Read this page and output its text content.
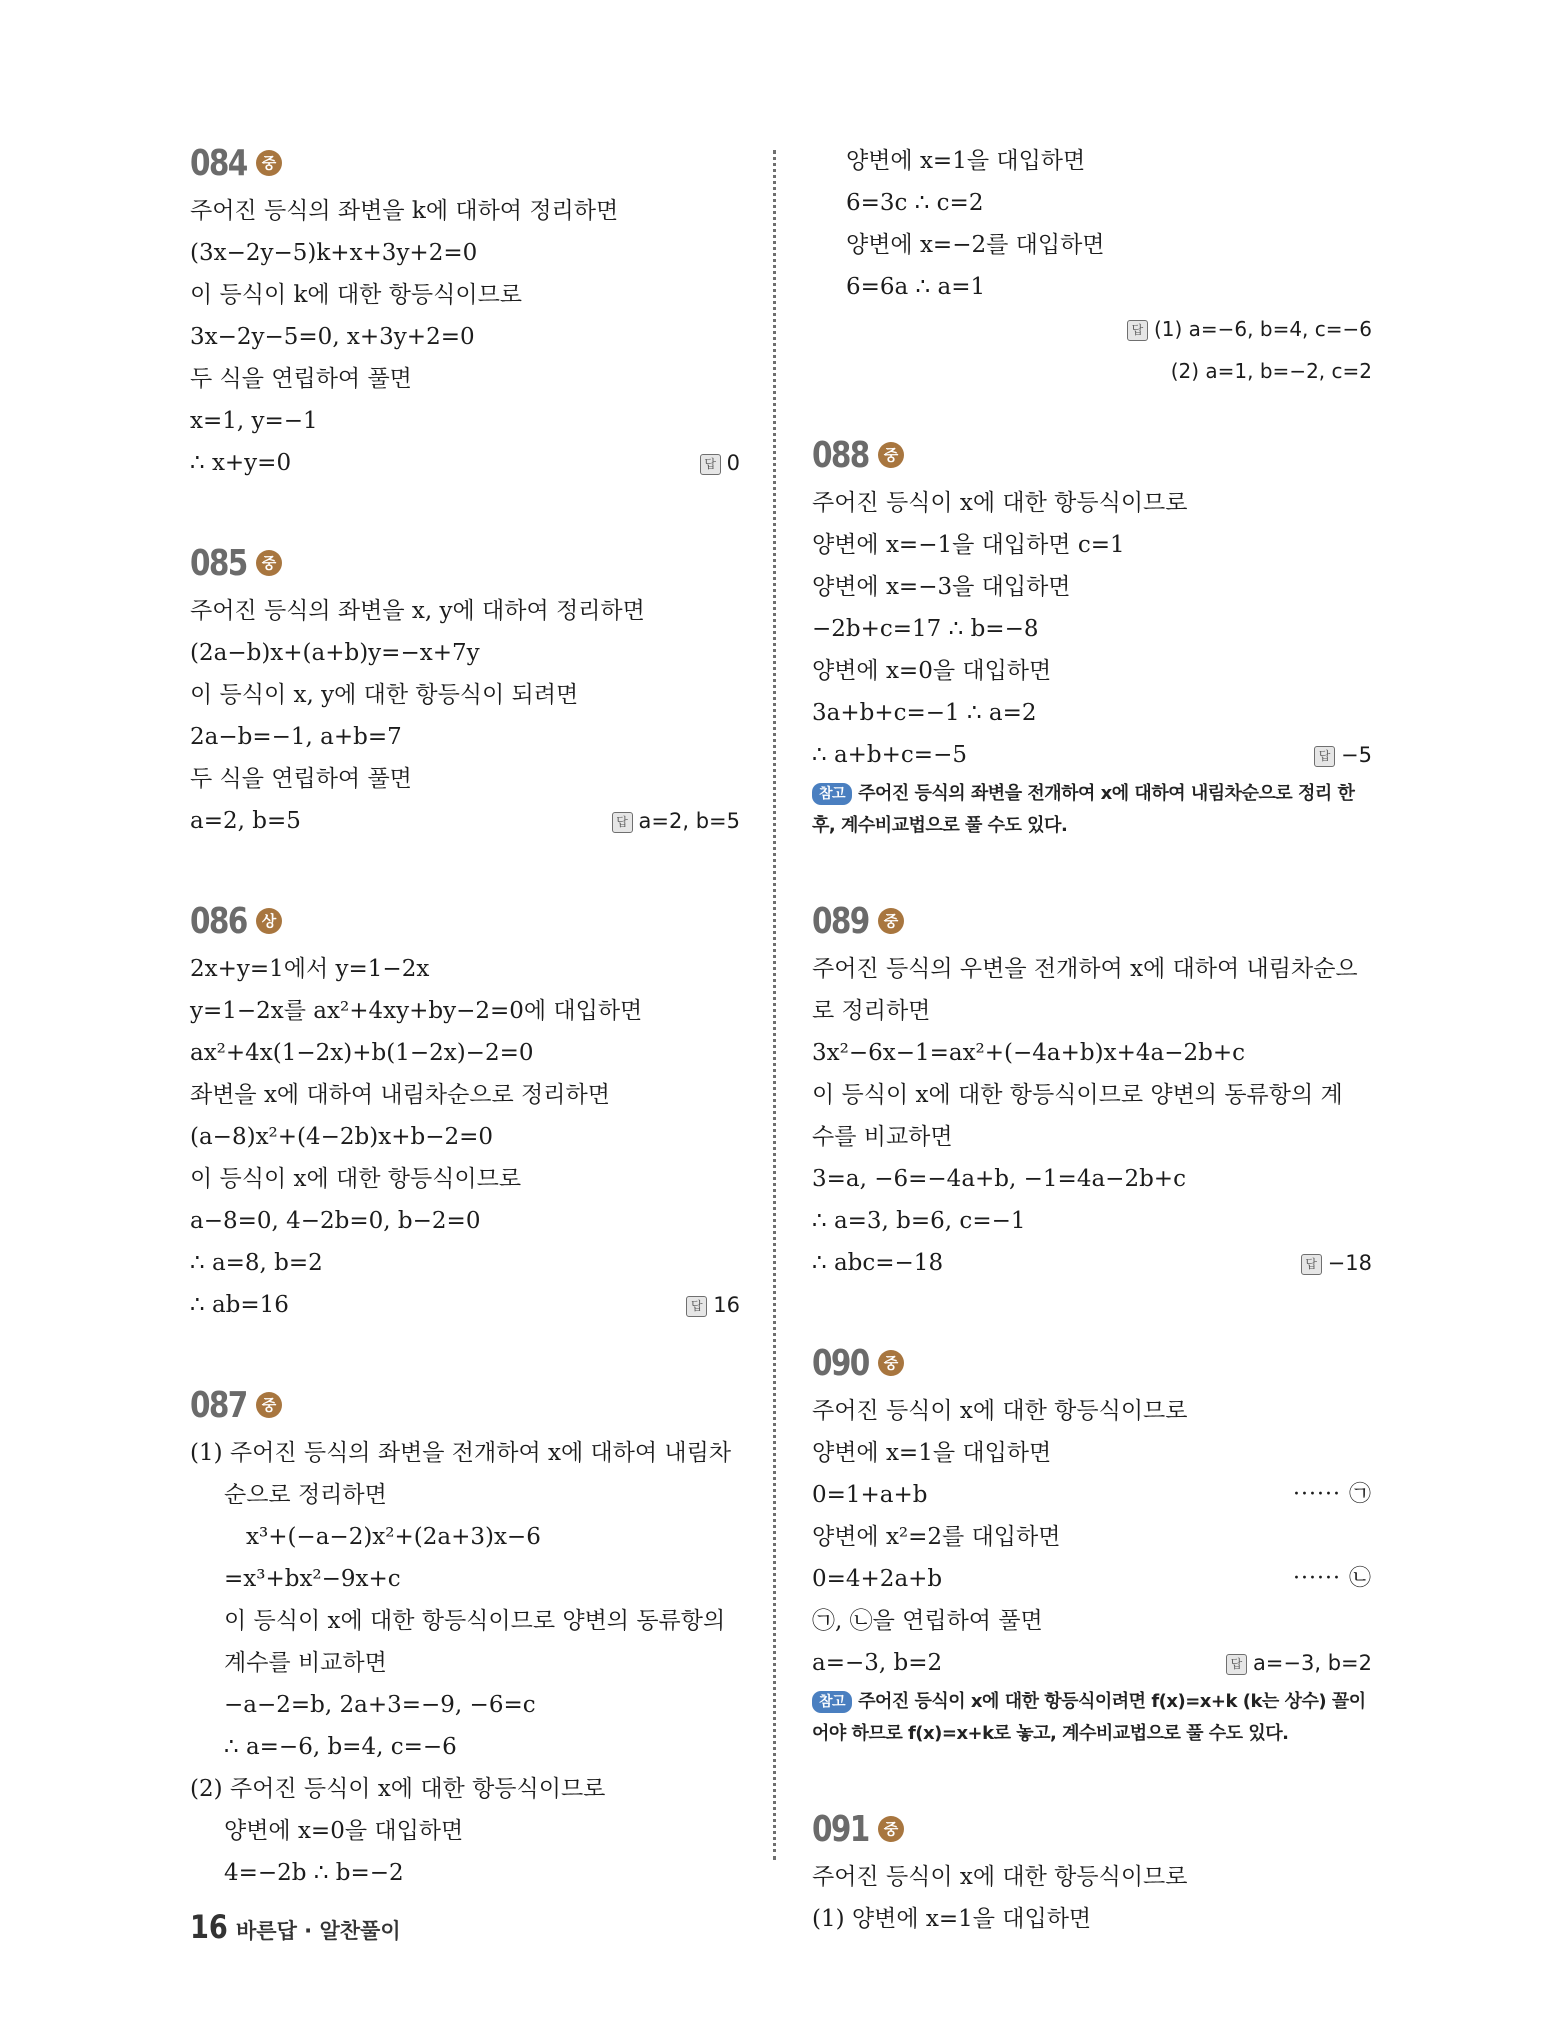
084	중
주어진 등식의 좌변을 k에 대하여 정리하면
(3x−2y−5)k+x+3y+2=0
이 등식이 k에 대한 항등식이므로
3x−2y−5=0, x+3y+2=0
두 식을 연립하여 풀면
x=1, y=−1
∴ x+y=0	답 0
085	중
주어진 등식의 좌변을 x, y에 대하여 정리하면
(2a−b)x+(a+b)y=−x+7y
이 등식이 x, y에 대한 항등식이 되려면
2a−b=−1, a+b=7
두 식을 연립하여 풀면
a=2, b=5	답 a=2, b=5
086	상
2x+y=1에서 y=1−2x
y=1−2x를 ax²+4xy+by−2=0에 대입하면
ax²+4x(1−2x)+b(1−2x)−2=0
좌변을 x에 대하여 내림차순으로 정리하면
(a−8)x²+(4−2b)x+b−2=0
이 등식이 x에 대한 항등식이므로
a−8=0, 4−2b=0, b−2=0
∴ a=8, b=2
∴ ab=16	답 16
087	중
(1) 주어진 등식의 좌변을 전개하여 x에 대하여 내림차
순으로 정리하면
x³+(−a−2)x²+(2a+3)x−6
=x³+bx²−9x+c
이 등식이 x에 대한 항등식이므로 양변의 동류항의
계수를 비교하면
−a−2=b, 2a+3=−9, −6=c
∴ a=−6, b=4, c=−6
(2) 주어진 등식이 x에 대한 항등식이므로
양변에 x=0을 대입하면
4=−2b ∴ b=−2
양변에 x=1을 대입하면
6=3c ∴ c=2
양변에 x=−2를 대입하면
6=6a ∴ a=1
답 (1) a=−6, b=4, c=−6
(2) a=1, b=−2, c=2
088	중
주어진 등식이 x에 대한 항등식이므로
양변에 x=−1을 대입하면 c=1
양변에 x=−3을 대입하면
−2b+c=17 ∴ b=−8
양변에 x=0을 대입하면
3a+b+c=−1 ∴ a=2
∴ a+b+c=−5	답 −5
참고 주어진 등식의 좌변을 전개하여 x에 대하여 내림차순으로 정리 한 후, 계수비교법으로 풀 수도 있다.
089	중
주어진 등식의 우변을 전개하여 x에 대하여 내림차순으
로 정리하면
3x²−6x−1=ax²+(−4a+b)x+4a−2b+c
이 등식이 x에 대한 항등식이므로 양변의 동류항의 계
수를 비교하면
3=a, −6=−4a+b, −1=4a−2b+c
∴ a=3, b=6, c=−1
∴ abc=−18	답 −18
090	중
주어진 등식이 x에 대한 항등식이므로
양변에 x=1을 대입하면
0=1+a+b	······ ㉠
양변에 x²=2를 대입하면
0=4+2a+b	······ ㉡
㉠, ㉡을 연립하여 풀면
a=−3, b=2	답 a=−3, b=2
참고 주어진 등식이 x에 대한 항등식이려면 f(x)=x+k (k는 상수) 꼴이어야 하므로 f(x)=x+k로 놓고, 계수비교법으로 풀 수도 있다.
091	중
주어진 등식이 x에 대한 항등식이므로
(1) 양변에 x=1을 대입하면
16 바른답 · 알찬풀이
